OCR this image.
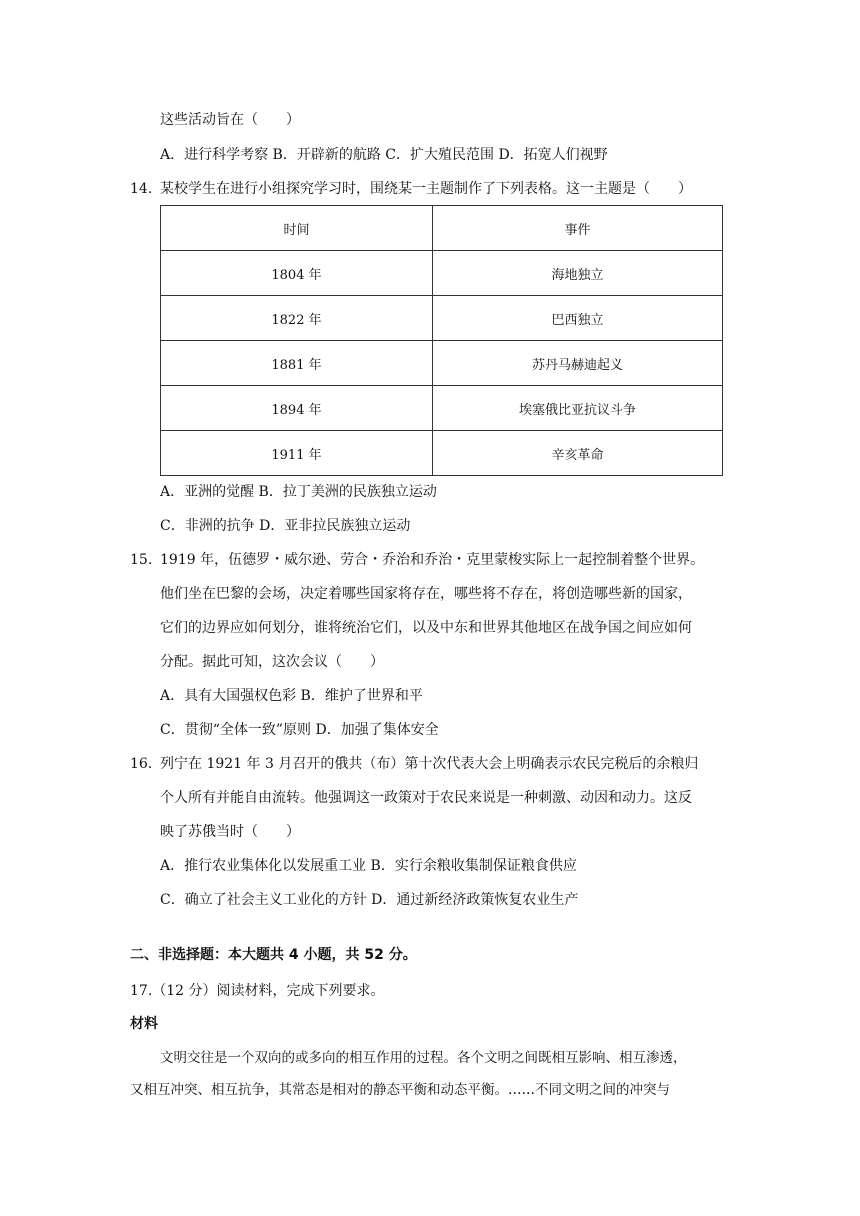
这些活动旨在（　　）
A．进行科学考察 B．开辟新的航路 C．扩大殖民范围 D．拓宽人们视野
14. 某校学生在进行小组探究学习时，围绕某一主题制作了下列表格。这一主题是（　　）
时间	事件
1804 年	海地独立
1822 年	巴西独立
1881 年	苏丹马赫迪起义
1894 年	埃塞俄比亚抗议斗争
1911 年	辛亥革命
A．亚洲的觉醒 B．拉丁美洲的民族独立运动
C．非洲的抗争 D．亚非拉民族独立运动
15. 1919 年，伍德罗・威尔逊、劳合・乔治和乔治・克里蒙梭实际上一起控制着整个世界。
他们坐在巴黎的会场，决定着哪些国家将存在，哪些将不存在，将创造哪些新的国家，
它们的边界应如何划分，谁将统治它们，以及中东和世界其他地区在战争国之间应如何
分配。据此可知，这次会议（　　）
A．具有大国强权色彩 B．维护了世界和平
C．贯彻“全体一致”原则 D．加强了集体安全
16. 列宁在 1921 年 3 月召开的俄共（布）第十次代表大会上明确表示农民完税后的余粮归
个人所有并能自由流转。他强调这一政策对于农民来说是一种刺激、动因和动力。这反
映了苏俄当时（　　）
A．推行农业集体化以发展重工业 B．实行余粮收集制保证粮食供应
C．确立了社会主义工业化的方针 D．通过新经济政策恢复农业生产
二、非选择题：本大题共 4 小题，共 52 分。
17.（12 分）阅读材料，完成下列要求。
材料
文明交往是一个双向的或多向的相互作用的过程。各个文明之间既相互影响、相互渗透，
又相互冲突、相互抗争，其常态是相对的静态平衡和动态平衡。……不同文明之间的冲突与
